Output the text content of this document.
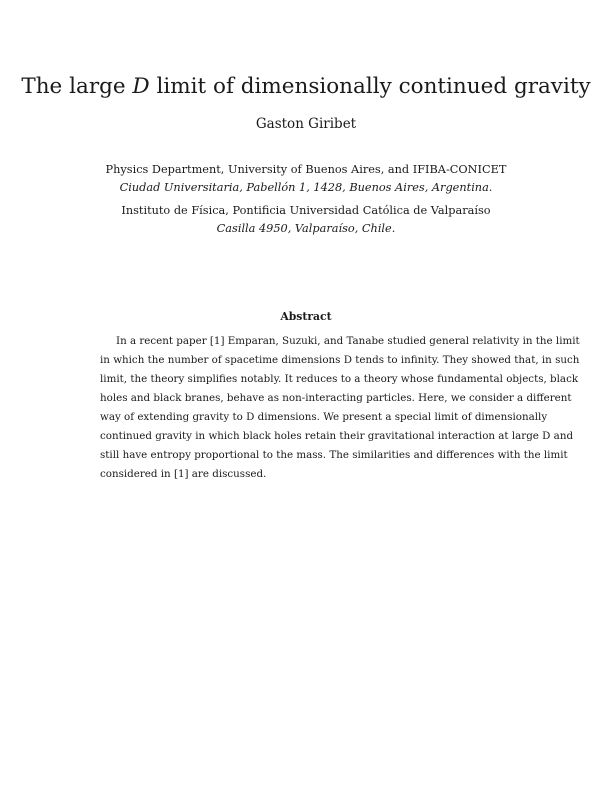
The large D limit of dimensionally continued gravity
Gaston Giribet
Physics Department, University of Buenos Aires, and IFIBA-CONICET
Ciudad Universitaria, Pabellón 1, 1428, Buenos Aires, Argentina.
Instituto de Física, Pontificia Universidad Católica de Valparaíso
Casilla 4950, Valparaíso, Chile.
Abstract
In a recent paper [1] Emparan, Suzuki, and Tanabe studied general relativity in the limit
in which the number of spacetime dimensions D tends to infinity. They showed that, in such
limit, the theory simplifies notably. It reduces to a theory whose fundamental objects, black
holes and black branes, behave as non-interacting particles. Here, we consider a different
way of extending gravity to D dimensions. We present a special limit of dimensionally
continued gravity in which black holes retain their gravitational interaction at large D and
still have entropy proportional to the mass. The similarities and differences with the limit
considered in [1] are discussed.
